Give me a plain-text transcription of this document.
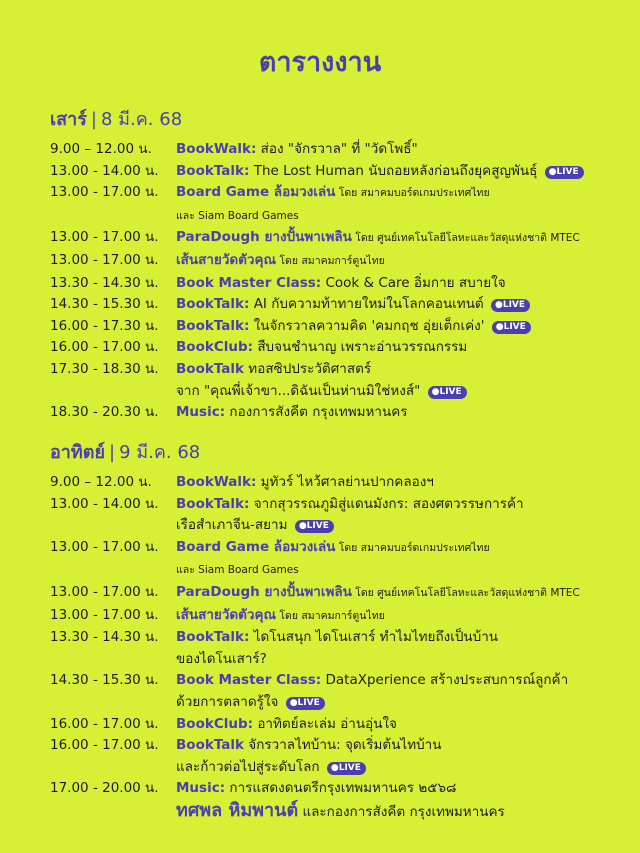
ตารางงาน
เสาร์ | 8 มี.ค. 68
9.00 – 12.00 น.	BookWalk: ส่อง "จักรวาล" ที่ "วัดโพธิ์"
13.00 - 14.00 น.	BookTalk: The Lost Human นับถอยหลังก่อนถึงยุคสูญพันธุ์ ●LIVE
13.00 - 17.00 น.	Board Game ล้อมวงเล่น โดย สมาคมบอร์ดเกมประเทศไทย
และ Siam Board Games
13.00 - 17.00 น.	ParaDough ยางปั้นพาเพลิน โดย ศูนย์เทคโนโลยีโลหะและวัสดุแห่งชาติ MTEC
13.00 - 17.00 น.	เส้นสายวัดตัวคุณ โดย สมาคมการ์ตูนไทย
13.30 - 14.30 น.	Book Master Class: Cook & Care อิ่มกาย สบายใจ
14.30 - 15.30 น.	BookTalk: AI กับความท้าทายใหม่ในโลกคอนเทนต์ ●LIVE
16.00 - 17.30 น.	BookTalk: ในจักรวาลความคิด 'คมกฤช อุ่ยเต็กเค่ง' ●LIVE
16.00 - 17.00 น.	BookClub: สืบจนชำนาญ เพราะอ่านวรรณกรรม
17.30 - 18.30 น.	BookTalk ทอสซิปประวัติศาสตร์
จาก "คุณพี่เจ้าขา...ดิฉันเป็นห่านมิใช่หงส์" ●LIVE
18.30 - 20.30 น.	Music: กองการสังคีต กรุงเทพมหานคร
อาทิตย์ | 9 มี.ค. 68
9.00 – 12.00 น.	BookWalk: มูทัวร์ ไหว้ศาลย่านปากคลองฯ
13.00 - 14.00 น.	BookTalk: จากสุวรรณภูมิสู่แดนมังกร: สองศตวรรษการค้า
เรือสำเภาจีน-สยาม ●LIVE
13.00 - 17.00 น.	Board Game ล้อมวงเล่น โดย สมาคมบอร์ดเกมประเทศไทย
และ Siam Board Games
13.00 - 17.00 น.	ParaDough ยางปั้นพาเพลิน โดย ศูนย์เทคโนโลยีโลหะและวัสดุแห่งชาติ MTEC
13.00 - 17.00 น.	เส้นสายวัดตัวคุณ โดย สมาคมการ์ตูนไทย
13.30 - 14.30 น.	BookTalk: ไดโนสนุก ไดโนเสาร์ ทำไมไทยถึงเป็นบ้าน
ของไดโนเสาร์?
14.30 - 15.30 น.	Book Master Class: DataXperience สร้างประสบการณ์ลูกค้า
ด้วยการตลาดรู้ใจ ●LIVE
16.00 - 17.00 น.	BookClub: อาทิตย์ละเล่ม อ่านอุ่นใจ
16.00 - 17.00 น.	BookTalk จักรวาลไทบ้าน: จุดเริ่มต้นไทบ้าน
และก้าวต่อไปสู่ระดับโลก ●LIVE
17.00 - 20.00 น.	Music: การแสดงดนตรีกรุงเทพมหานคร ๒๕๖๘
ทศพล หิมพานต์ และกองการสังคีต กรุงเทพมหานคร
